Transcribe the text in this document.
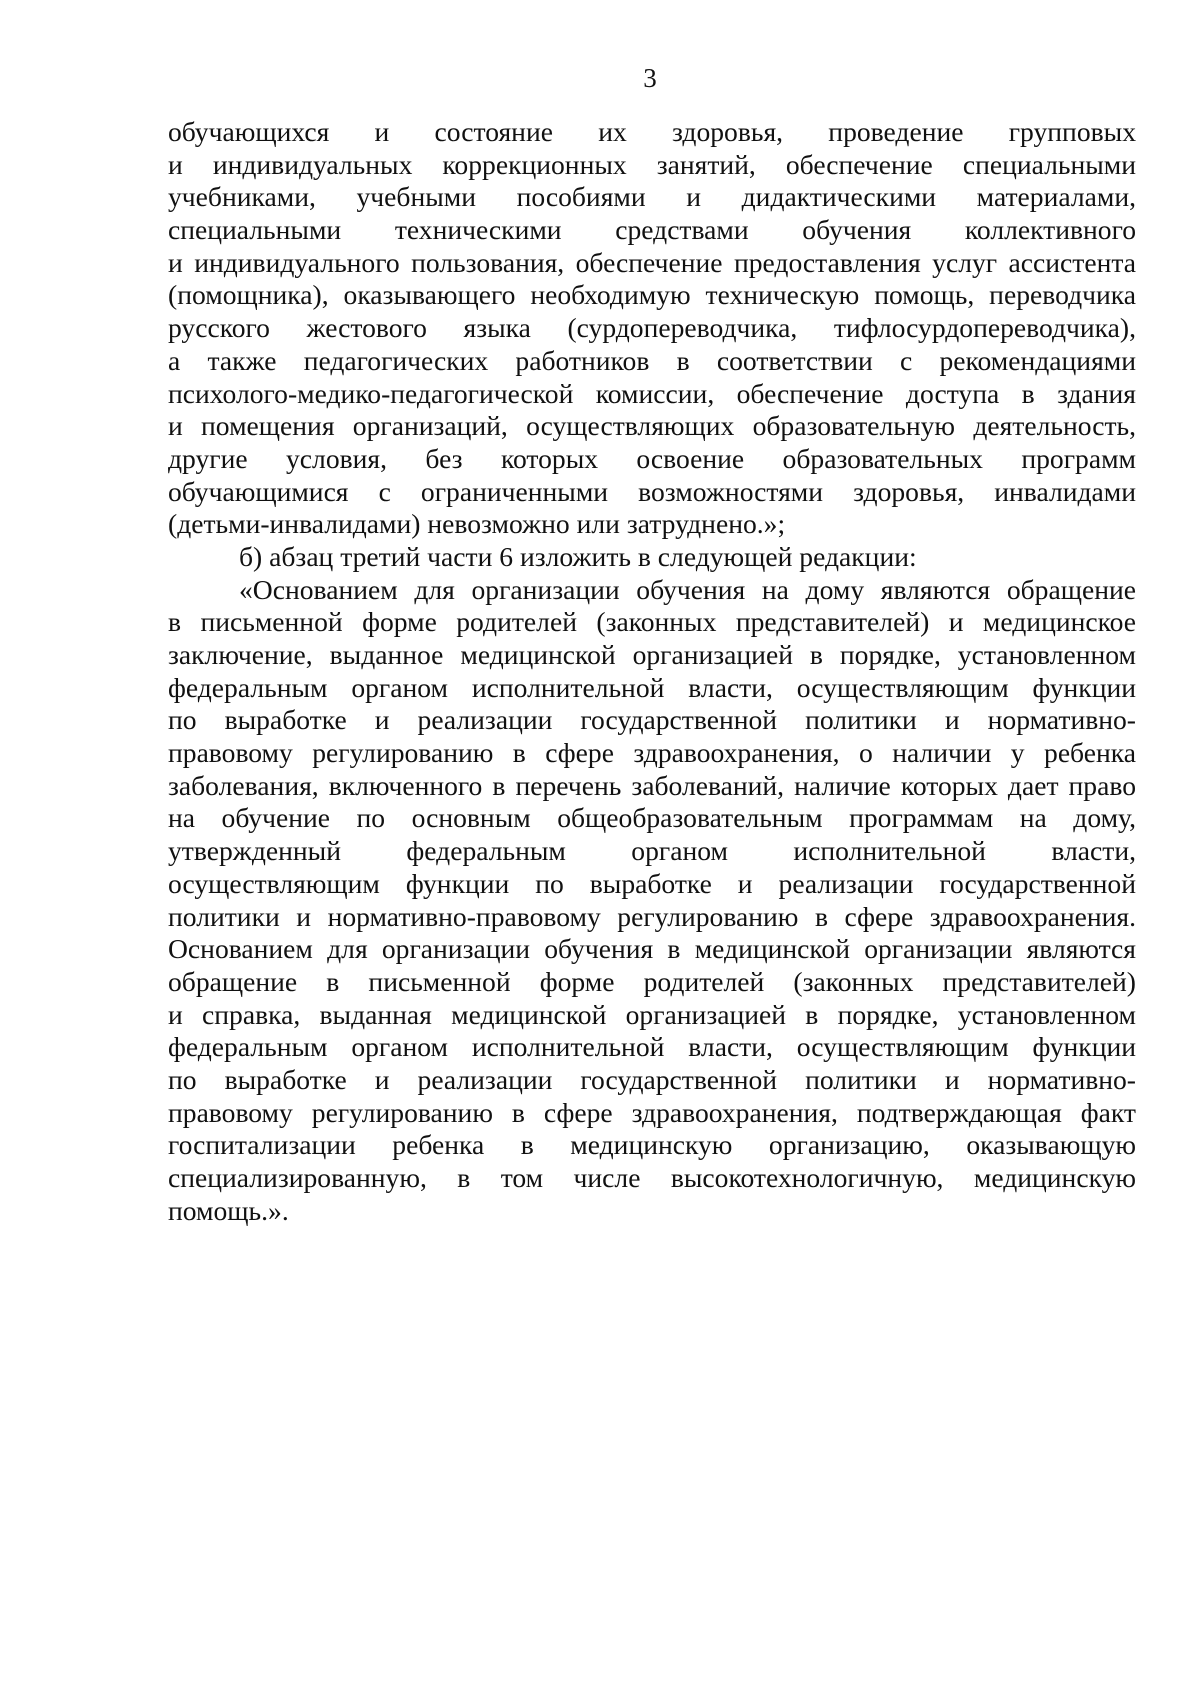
3
обучающихся и состояние их здоровья, проведение групповых
и индивидуальных коррекционных занятий, обеспечение специальными
учебниками, учебными пособиями и дидактическими материалами,
специальными техническими средствами обучения коллективного
и индивидуального пользования, обеспечение предоставления услуг ассистента
(помощника), оказывающего необходимую техническую помощь, переводчика
русского жестового языка (сурдопереводчика, тифлосурдопереводчика),
а также педагогических работников в соответствии с рекомендациями
психолого-медико-педагогической комиссии, обеспечение доступа в здания
и помещения организаций, осуществляющих образовательную деятельность,
другие условия, без которых освоение образовательных программ
обучающимися с ограниченными возможностями здоровья, инвалидами
(детьми-инвалидами) невозможно или затруднено.»;
б) абзац третий части 6 изложить в следующей редакции:
«Основанием для организации обучения на дому являются обращение
в письменной форме родителей (законных представителей) и медицинское
заключение, выданное медицинской организацией в порядке, установленном
федеральным органом исполнительной власти, осуществляющим функции
по выработке и реализации государственной политики и нормативно-
правовому регулированию в сфере здравоохранения, о наличии у ребенка
заболевания, включенного в перечень заболеваний, наличие которых дает право
на обучение по основным общеобразовательным программам на дому,
утвержденный федеральным органом исполнительной власти,
осуществляющим функции по выработке и реализации государственной
политики и нормативно-правовому регулированию в сфере здравоохранения.
Основанием для организации обучения в медицинской организации являются
обращение в письменной форме родителей (законных представителей)
и справка, выданная медицинской организацией в порядке, установленном
федеральным органом исполнительной власти, осуществляющим функции
по выработке и реализации государственной политики и нормативно-
правовому регулированию в сфере здравоохранения, подтверждающая факт
госпитализации ребенка в медицинскую организацию, оказывающую
специализированную, в том числе высокотехнологичную, медицинскую
помощь.».
